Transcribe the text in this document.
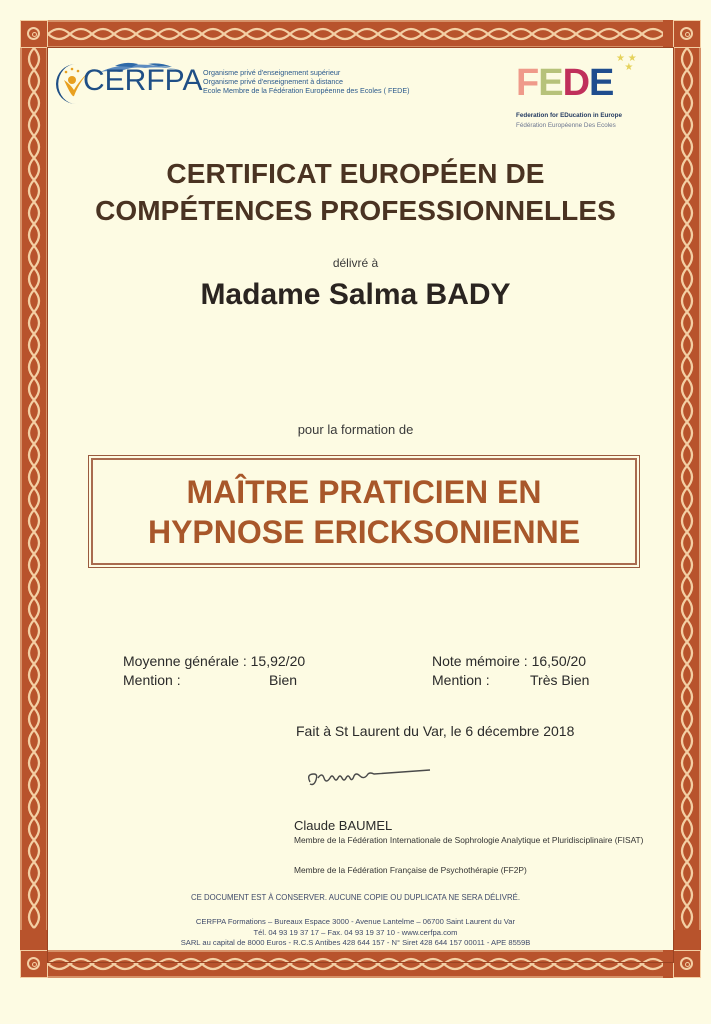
CERFPA Organisme privé d'enseignement supérieur
Organisme privé d'enseignement à distance
Ecole Membre de la Fédération Européenne des Ecoles ( FEDE)
★ ★
★
FEDE
Federation for EDucation in Europe
Fédération Européenne Des Ecoles
CERTIFICAT EUROPÉEN DE
COMPÉTENCES PROFESSIONNELLES
délivré à
Madame Salma BADY
pour la formation de
MAÎTRE PRATICIEN EN
HYPNOSE ERICKSONIENNE
Moyenne générale : 15,92/20
Mention :	Bien
Note mémoire : 16,50/20
Mention :	Très Bien
Fait à St Laurent du Var, le 6 décembre 2018
Claude BAUMEL
Membre de la Fédération Internationale de Sophrologie Analytique et Pluridisciplinaire (FISAT)
Membre de la Fédération Française de Psychothérapie (FF2P)
CE DOCUMENT EST À CONSERVER. AUCUNE COPIE OU DUPLICATA NE SERA DÉLIVRÉ.
CERFPA Formations – Bureaux Espace 3000 - Avenue Lantelme – 06700 Saint Laurent du Var
Tél. 04 93 19 37 17 – Fax. 04 93 19 37 10 - www.cerfpa.com
SARL au capital de 8000 Euros - R.C.S Antibes 428 644 157 - N° Siret 428 644 157 00011 - APE 8559B
